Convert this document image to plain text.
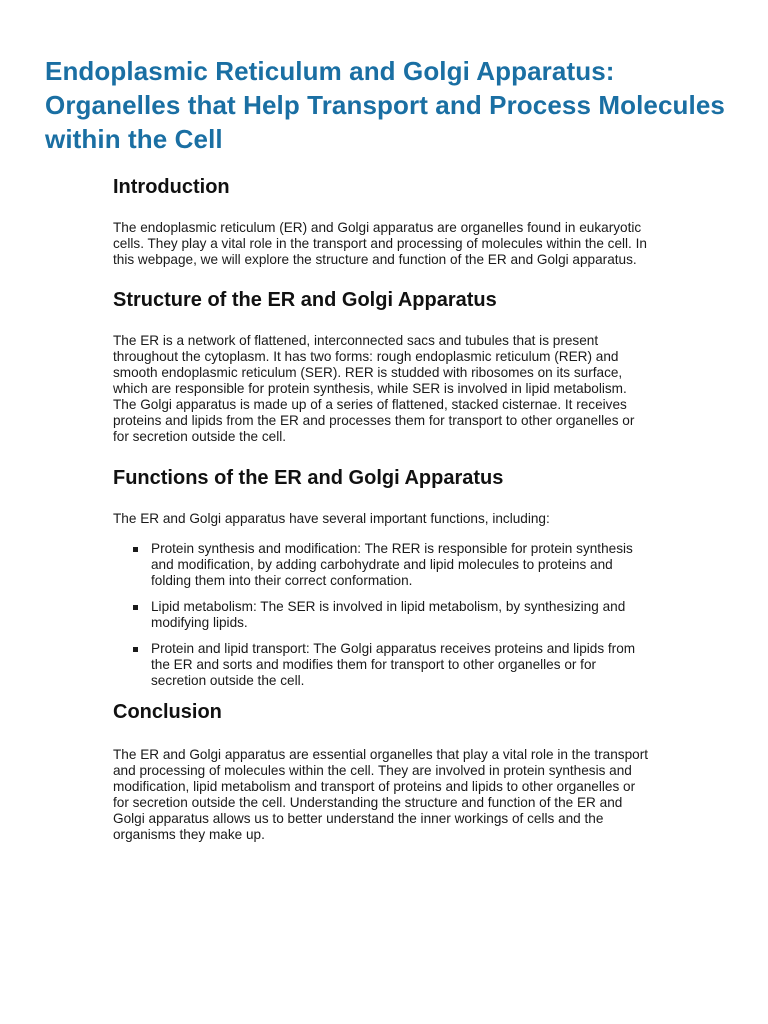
Endoplasmic Reticulum and Golgi Apparatus: Organelles that Help Transport and Process Molecules within the Cell
Introduction

The endoplasmic reticulum (ER) and Golgi apparatus are organelles found in eukaryotic cells. They play a vital role in the transport and processing of molecules within the cell. In this webpage, we will explore the structure and function of the ER and Golgi apparatus.

Structure of the ER and Golgi Apparatus

The ER is a network of flattened, interconnected sacs and tubules that is present throughout the cytoplasm. It has two forms: rough endoplasmic reticulum (RER) and smooth endoplasmic reticulum (SER). RER is studded with ribosomes on its surface, which are responsible for protein synthesis, while SER is involved in lipid metabolism. The Golgi apparatus is made up of a series of flattened, stacked cisternae. It receives proteins and lipids from the ER and processes them for transport to other organelles or for secretion outside the cell.

Functions of the ER and Golgi Apparatus

The ER and Golgi apparatus have several important functions, including:

Protein synthesis and modification: The RER is responsible for protein synthesis and modification, by adding carbohydrate and lipid molecules to proteins and folding them into their correct conformation.
Lipid metabolism: The SER is involved in lipid metabolism, by synthesizing and modifying lipids.
Protein and lipid transport: The Golgi apparatus receives proteins and lipids from the ER and sorts and modifies them for transport to other organelles or for secretion outside the cell.
Conclusion

The ER and Golgi apparatus are essential organelles that play a vital role in the transport and processing of molecules within the cell. They are involved in protein synthesis and modification, lipid metabolism and transport of proteins and lipids to other organelles or for secretion outside the cell. Understanding the structure and function of the ER and Golgi apparatus allows us to better understand the inner workings of cells and the organisms they make up.
